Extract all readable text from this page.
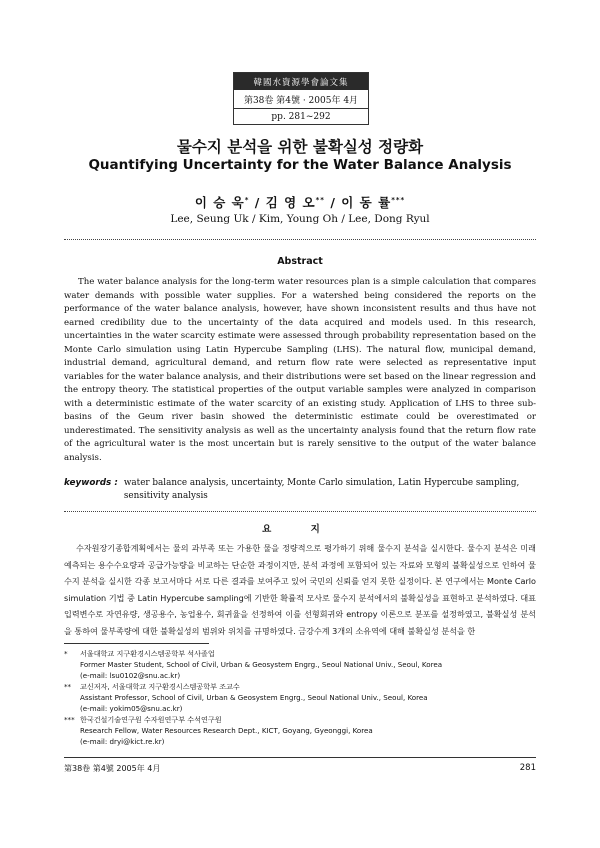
韓國水資源學會論文集
第38卷 第4號 · 2005年 4月
pp. 281~292
물수지 분석을 위한 불확실성 정량화
Quantifying Uncertainty for the Water Balance Analysis
이 승 욱* / 김 영 오** / 이 동 률***
Lee, Seung Uk / Kim, Young Oh / Lee, Dong Ryul
Abstract
The water balance analysis for the long-term water resources plan is a simple calculation that compares water demands with possible water supplies. For a watershed being considered the reports on the performance of the water balance analysis, however, have shown inconsistent results and thus have not earned credibility due to the uncertainty of the data acquired and models used. In this research, uncertainties in the water scarcity estimate were assessed through probability representation based on the Monte Carlo simulation using Latin Hypercube Sampling (LHS). The natural flow, municipal demand, industrial demand, agricultural demand, and return flow rate were selected as representative input variables for the water balance analysis, and their distributions were set based on the linear regression and the entropy theory. The statistical properties of the output variable samples were analyzed in comparison with a deterministic estimate of the water scarcity of an existing study. Application of LHS to three sub-basins of the Geum river basin showed the deterministic estimate could be overestimated or underestimated. The sensitivity analysis as well as the uncertainty analysis found that the return flow rate of the agricultural water is the most uncertain but is rarely sensitive to the output of the water balance analysis.
keywords : water balance analysis, uncertainty, Monte Carlo simulation, Latin Hypercube sampling, sensitivity analysis
요 지
수자원장기종합계획에서는 물의 과부족 또는 가용한 물을 정량적으로 평가하기 위해 물수지 분석을 실시한다. 물수지 분석은 미래 예측되는 용수수요량과 공급가능량을 비교하는 단순한 과정이지만, 분석 과정에 포함되어 있는 자료와 모형의 불확실성으로 인하여 물수지 분석을 실시한 각종 보고서마다 서로 다른 결과를 보여주고 있어 국민의 신뢰를 얻지 못한 실정이다. 본 연구에서는 Monte Carlo simulation 기법 중 Latin Hypercube sampling에 기반한 확률적 모사로 물수지 분석에서의 불확실성을 표현하고 분석하였다. 대표 입력변수로 자연유량, 생공용수, 농업용수, 회귀율을 선정하여 이를 선형회귀와 entropy 이론으로 분포를 설정하였고, 불확실성 분석을 통하여 물부족량에 대한 불확실성의 범위와 위치를 규명하였다. 금강수계 3개의 소유역에 대해 불확실성 분석을 한
*	서울대학교 지구환경시스템공학부 석사졸업
Former Master Student, School of Civil, Urban & Geosystem Engrg., Seoul National Univ., Seoul, Korea
(e-mail: lsu0102@snu.ac.kr)
**	교신저자, 서울대학교 지구환경시스템공학부 조교수
Assistant Professor, School of Civil, Urban & Geosystem Engrg., Seoul National Univ., Seoul, Korea
(e-mail: yokim05@snu.ac.kr)
*** 한국건설기술연구원 수자원연구부 수석연구원
Research Fellow, Water Resources Research Dept., KICT, Goyang, Gyeonggi, Korea
(e-mail: dryi@kict.re.kr)
第38卷 第4號 2005年 4月	281
